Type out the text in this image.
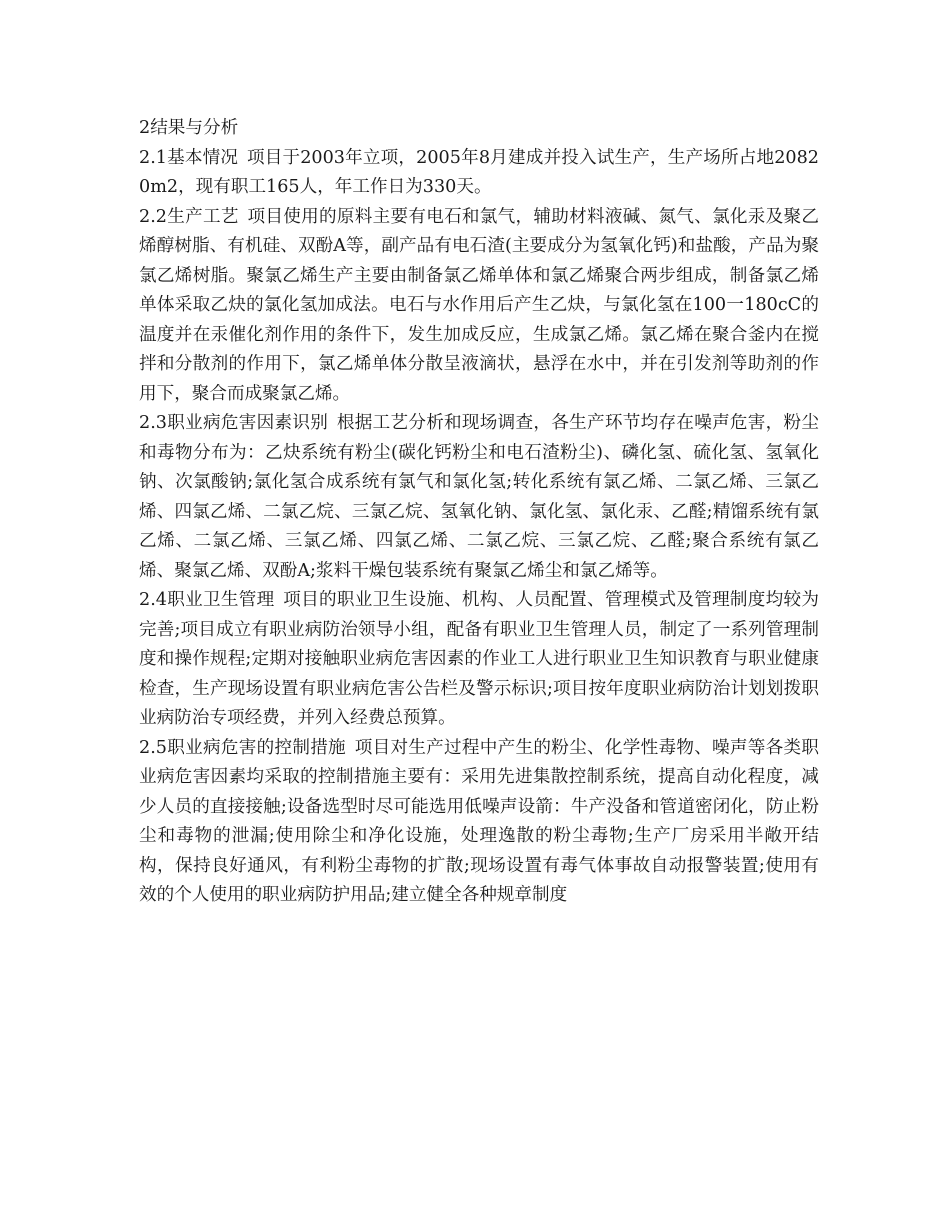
2结果与分析

2.1基本情况 项目于2003年立项，2005年8月建成并投入试生产，生产场所占地20820m2，现有职工165人，年工作日为330天。

2.2生产工艺 项目使用的原料主要有电石和氯气，辅助材料液碱、氮气、氯化汞及聚乙烯醇树脂、有机硅、双酚A等，副产品有电石渣(主要成分为氢氧化钙)和盐酸，产品为聚氯乙烯树脂。聚氯乙烯生产主要由制备氯乙烯单体和氯乙烯聚合两步组成，制备氯乙烯单体采取乙炔的氯化氢加成法。电石与水作用后产生乙炔，与氯化氢在100一180cC的温度并在汞催化剂作用的条件下，发生加成反应，生成氯乙烯。氯乙烯在聚合釜内在搅拌和分散剂的作用下，氯乙烯单体分散呈液滴状，悬浮在水中，并在引发剂等助剂的作用下，聚合而成聚氯乙烯。

2.3职业病危害因素识别 根据工艺分析和现场调查，各生产环节均存在噪声危害，粉尘和毒物分布为：乙炔系统有粉尘(碳化钙粉尘和电石渣粉尘)、磷化氢、硫化氢、氢氧化钠、次氯酸钠;氯化氢合成系统有氯气和氯化氢;转化系统有氯乙烯、二氯乙烯、三氯乙烯、四氯乙烯、二氯乙烷、三氯乙烷、氢氧化钠、氯化氢、氯化汞、乙醛;精馏系统有氯乙烯、二氯乙烯、三氯乙烯、四氯乙烯、二氯乙烷、三氯乙烷、乙醛;聚合系统有氯乙烯、聚氯乙烯、双酚A;浆料干燥包装系统有聚氯乙烯尘和氯乙烯等。

2.4职业卫生管理 项目的职业卫生设施、机构、人员配置、管理模式及管理制度均较为完善;项目成立有职业病防治领导小组，配备有职业卫生管理人员，制定了一系列管理制度和操作规程;定期对接触职业病危害因素的作业工人进行职业卫生知识教育与职业健康检查，生产现场设置有职业病危害公告栏及警示标识;项目按年度职业病防治计划划拨职业病防治专项经费，并列入经费总预算。

2.5职业病危害的控制措施 项目对生产过程中产生的粉尘、化学性毒物、噪声等各类职业病危害因素均采取的控制措施主要有：采用先进集散控制系统，提高自动化程度，减少人员的直接接触;设备选型时尽可能选用低噪声设箭：牛产没备和管道密闭化，防止粉尘和毒物的泄漏;使用除尘和净化设施，处理逸散的粉尘毒物;生产厂房采用半敞开结构，保持良好通风，有利粉尘毒物的扩散;现场设置有毒气体事故自动报警装置;使用有效的个人使用的职业病防护用品;建立健全各种规章制度
